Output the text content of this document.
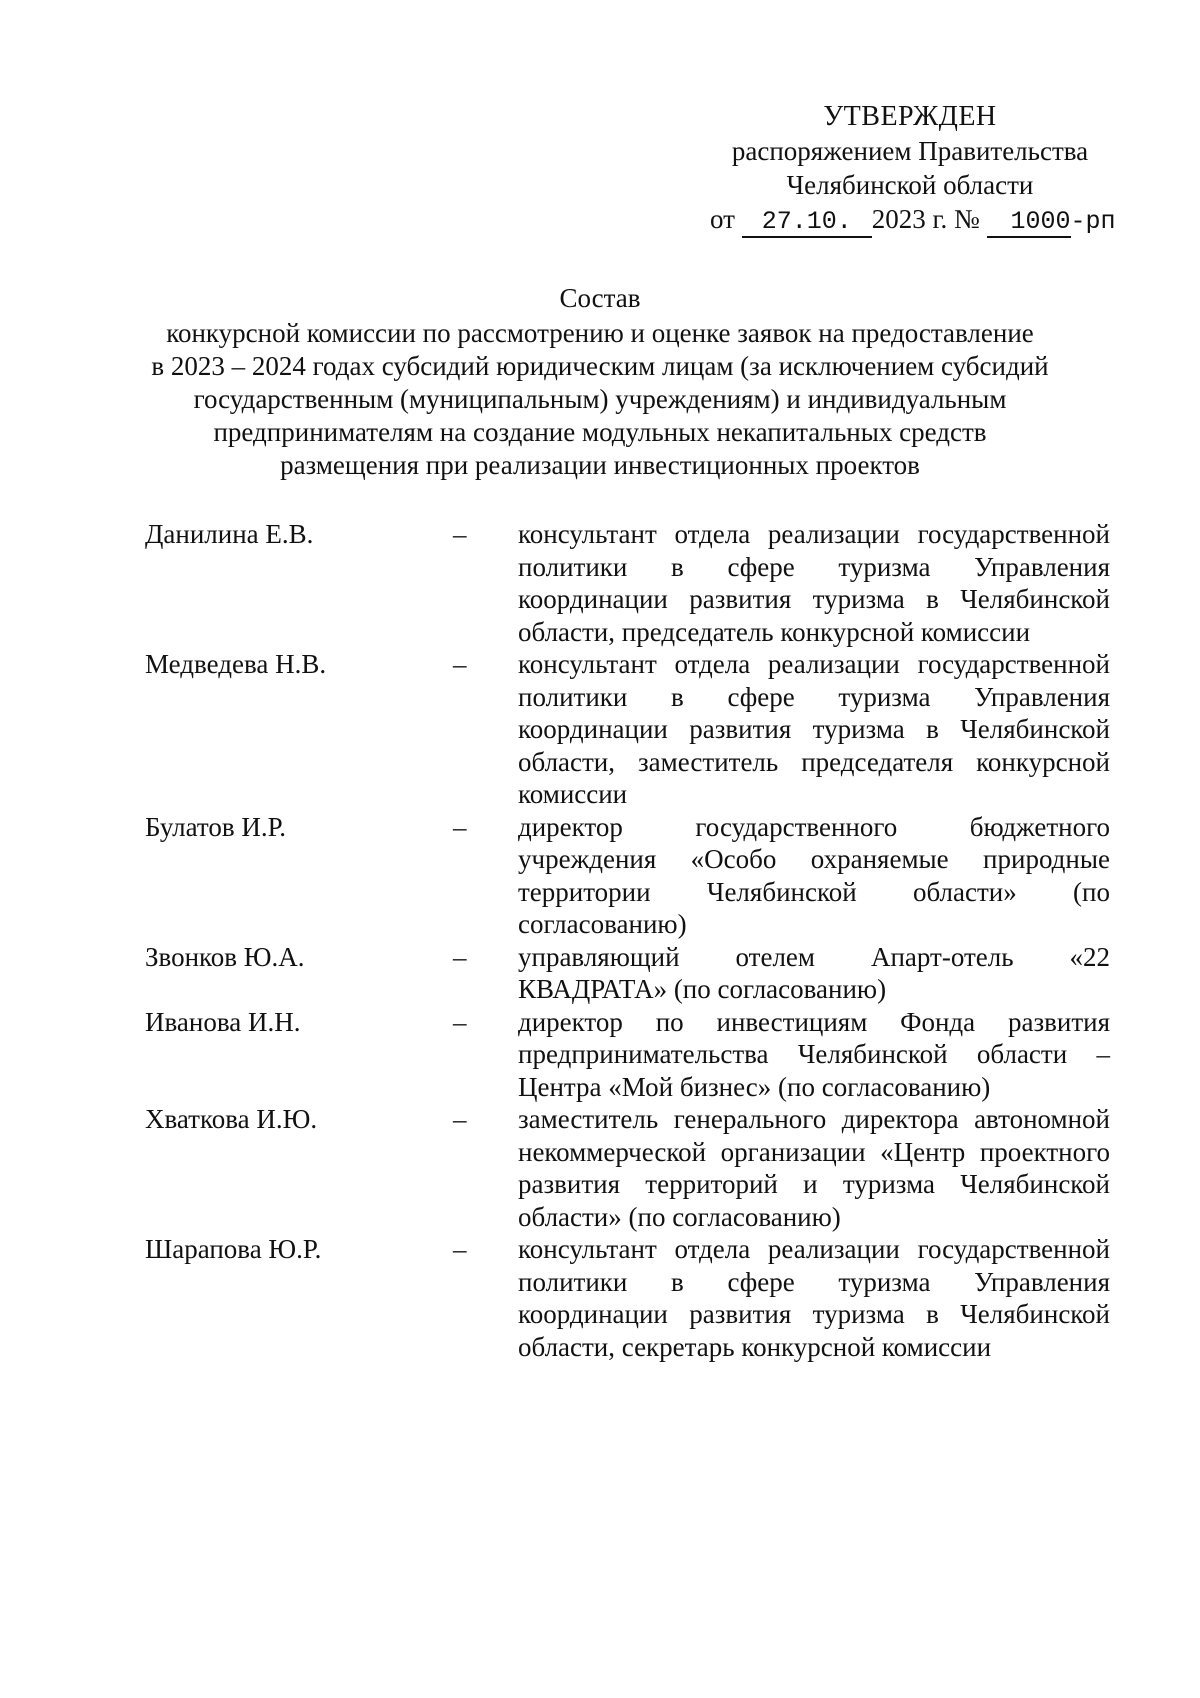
УТВЕРЖДЕН
распоряжением Правительства
Челябинской области
от 27.10. 2023 г. № 1000-рп
Состав
конкурсной комиссии по рассмотрению и оценке заявок на предоставление
в 2023 – 2024 годах субсидий юридическим лицам (за исключением субсидий
государственным (муниципальным) учреждениям) и индивидуальным
предпринимателям на создание модульных некапитальных средств
размещения при реализации инвестиционных проектов
Данилина Е.В.	–	консультант отдела реализации государственной политики в сфере туризма Управления координации развития туризма в Челябинской области, председатель конкурсной комиссии
Медведева Н.В.	–	консультант отдела реализации государственной политики в сфере туризма Управления координации развития туризма в Челябинской области, заместитель председателя конкурсной комиссии
Булатов И.Р.	–	директор государственного бюджетного учреждения «Особо охраняемые природные территории Челябинской области» (по согласованию)
Звонков Ю.А.	–	управляющий отелем Апарт-отель «22 КВАДРАТА» (по согласованию)
Иванова И.Н.	–	директор по инвестициям Фонда развития предпринимательства Челябинской области – Центра «Мой бизнес» (по согласованию)
Хваткова И.Ю.	–	заместитель генерального директора автономной некоммерческой организации «Центр проектного развития территорий и туризма Челябинской области» (по согласованию)
Шарапова Ю.Р.	–	консультант отдела реализации государственной политики в сфере туризма Управления координации развития туризма в Челябинской области, секретарь конкурсной комиссии
